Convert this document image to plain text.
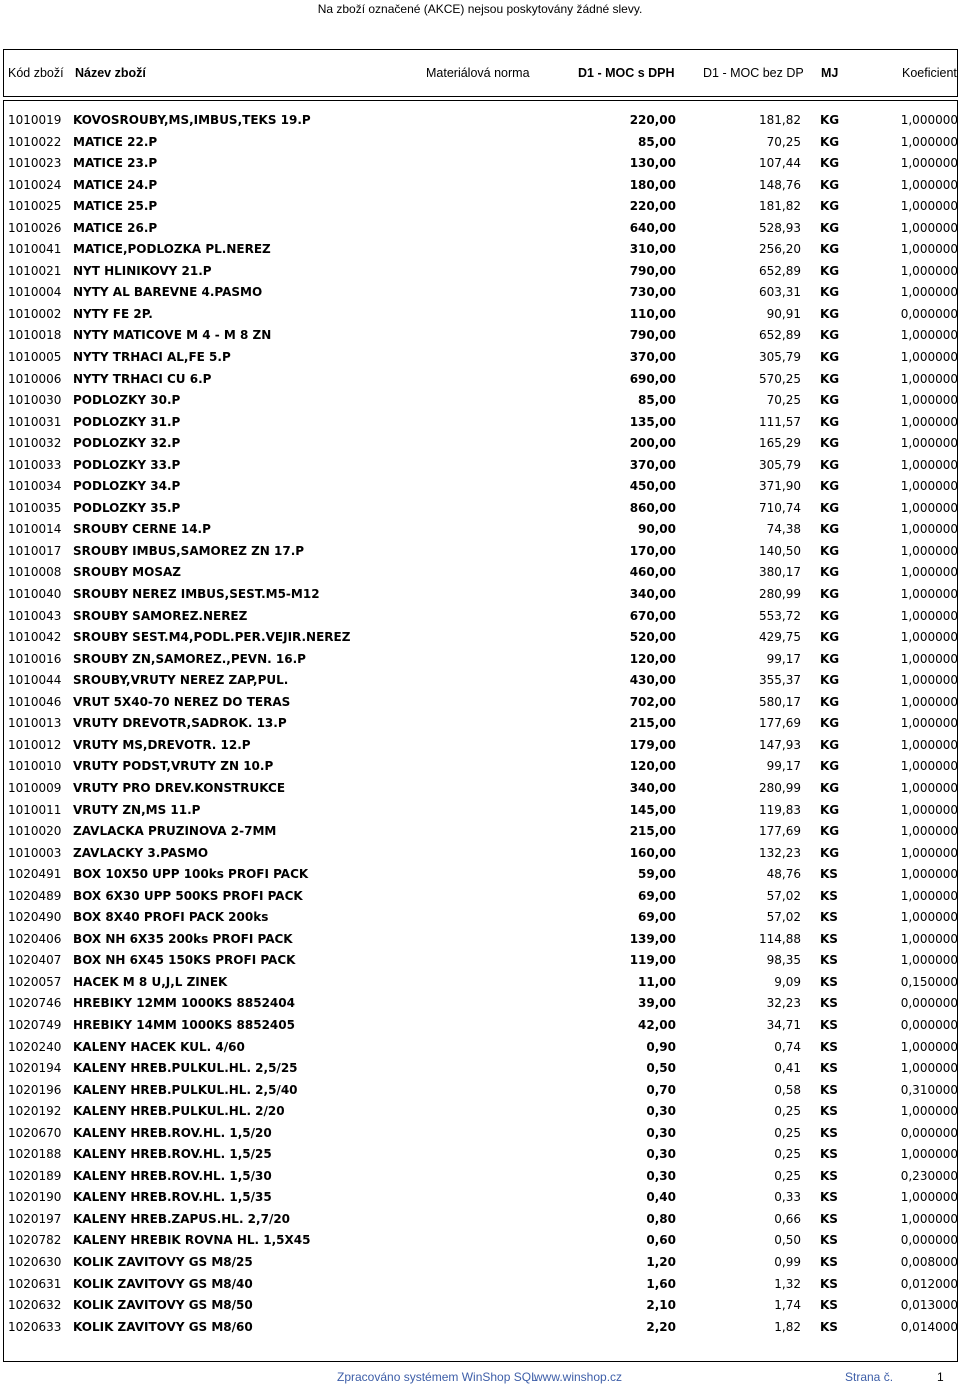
Na zboží označené (AKCE) nejsou poskytovány žádné slevy.
Kód zboží Název zboží	Materiálová norma	D1 - MOC s DPH D1 - MOC bez DP MJ	Koeficient
1010019 KOVOSROUBY,MS,IMBUS,TEKS 19.P	220,00	181,82 KG	1,000000
1010022 MATICE 22.P	85,00	70,25 KG	1,000000
1010023 MATICE 23.P	130,00	107,44 KG	1,000000
1010024 MATICE 24.P	180,00	148,76 KG	1,000000
1010025 MATICE 25.P	220,00	181,82 KG	1,000000
1010026 MATICE 26.P	640,00	528,93 KG	1,000000
1010041 MATICE,PODLOZKA PL.NEREZ	310,00	256,20 KG	1,000000
1010021 NYT HLINIKOVY 21.P	790,00	652,89 KG	1,000000
1010004 NYTY AL BAREVNE 4.PASMO	730,00	603,31 KG	1,000000
1010002 NYTY FE 2P.	110,00	90,91 KG	0,000000
1010018 NYTY MATICOVE M 4 - M 8 ZN	790,00	652,89 KG	1,000000
1010005 NYTY TRHACI AL,FE 5.P	370,00	305,79 KG	1,000000
1010006 NYTY TRHACI CU 6.P	690,00	570,25 KG	1,000000
1010030 PODLOZKY 30.P	85,00	70,25 KG	1,000000
1010031 PODLOZKY 31.P	135,00	111,57 KG	1,000000
1010032 PODLOZKY 32.P	200,00	165,29 KG	1,000000
1010033 PODLOZKY 33.P	370,00	305,79 KG	1,000000
1010034 PODLOZKY 34.P	450,00	371,90 KG	1,000000
1010035 PODLOZKY 35.P	860,00	710,74 KG	1,000000
1010014 SROUBY CERNE 14.P	90,00	74,38 KG	1,000000
1010017 SROUBY IMBUS,SAMOREZ ZN 17.P	170,00	140,50 KG	1,000000
1010008 SROUBY MOSAZ	460,00	380,17 KG	1,000000
1010040 SROUBY NEREZ IMBUS,SEST.M5-M12	340,00	280,99 KG	1,000000
1010043 SROUBY SAMOREZ.NEREZ	670,00	553,72 KG	1,000000
1010042 SROUBY SEST.M4,PODL.PER.VEJIR.NEREZ	520,00	429,75 KG	1,000000
1010016 SROUBY ZN,SAMOREZ.,PEVN. 16.P	120,00	99,17 KG	1,000000
1010044 SROUBY,VRUTY NEREZ ZAP,PUL.	430,00	355,37 KG	1,000000
1010046 VRUT 5X40-70 NEREZ DO TERAS	702,00	580,17 KG	1,000000
1010013 VRUTY DREVOTR,SADROK. 13.P	215,00	177,69 KG	1,000000
1010012 VRUTY MS,DREVOTR. 12.P	179,00	147,93 KG	1,000000
1010010 VRUTY PODST,VRUTY ZN 10.P	120,00	99,17 KG	1,000000
1010009 VRUTY PRO DREV.KONSTRUKCE	340,00	280,99 KG	1,000000
1010011 VRUTY ZN,MS 11.P	145,00	119,83 KG	1,000000
1010020 ZAVLACKA PRUZINOVA 2-7MM	215,00	177,69 KG	1,000000
1010003 ZAVLACKY 3.PASMO	160,00	132,23 KG	1,000000
1020491 BOX 10X50 UPP 100ks PROFI PACK	59,00	48,76 KS	1,000000
1020489 BOX 6X30 UPP 500KS PROFI PACK	69,00	57,02 KS	1,000000
1020490 BOX 8X40 PROFI PACK 200ks	69,00	57,02 KS	1,000000
1020406 BOX NH 6X35 200ks PROFI PACK	139,00	114,88 KS	1,000000
1020407 BOX NH 6X45 150KS PROFI PACK	119,00	98,35 KS	1,000000
1020057 HACEK M 8 U,J,L ZINEK	11,00	9,09 KS	0,150000
1020746 HREBIKY 12MM 1000KS 8852404	39,00	32,23 KS	0,000000
1020749 HREBIKY 14MM 1000KS 8852405	42,00	34,71 KS	0,000000
1020240 KALENY HACEK KUL. 4/60	0,90	0,74 KS	1,000000
1020194 KALENY HREB.PULKUL.HL. 2,5/25	0,50	0,41 KS	1,000000
1020196 KALENY HREB.PULKUL.HL. 2,5/40	0,70	0,58 KS	0,310000
1020192 KALENY HREB.PULKUL.HL. 2/20	0,30	0,25 KS	1,000000
1020670 KALENY HREB.ROV.HL. 1,5/20	0,30	0,25 KS	0,000000
1020188 KALENY HREB.ROV.HL. 1,5/25	0,30	0,25 KS	1,000000
1020189 KALENY HREB.ROV.HL. 1,5/30	0,30	0,25 KS	0,230000
1020190 KALENY HREB.ROV.HL. 1,5/35	0,40	0,33 KS	1,000000
1020197 KALENY HREB.ZAPUS.HL. 2,7/20	0,80	0,66 KS	1,000000
1020782 KALENY HREBIK ROVNA HL. 1,5X45	0,60	0,50 KS	0,000000
1020630 KOLIK ZAVITOVY GS M8/25	1,20	0,99 KS	0,008000
1020631 KOLIK ZAVITOVY GS M8/40	1,60	1,32 KS	0,012000
1020632 KOLIK ZAVITOVY GS M8/50	2,10	1,74 KS	0,013000
1020633 KOLIK ZAVITOVY GS M8/60	2,20	1,82 KS	0,014000
Zpracováno systémem WinShop SQL
www.winshop.cz	Strana č.	1
